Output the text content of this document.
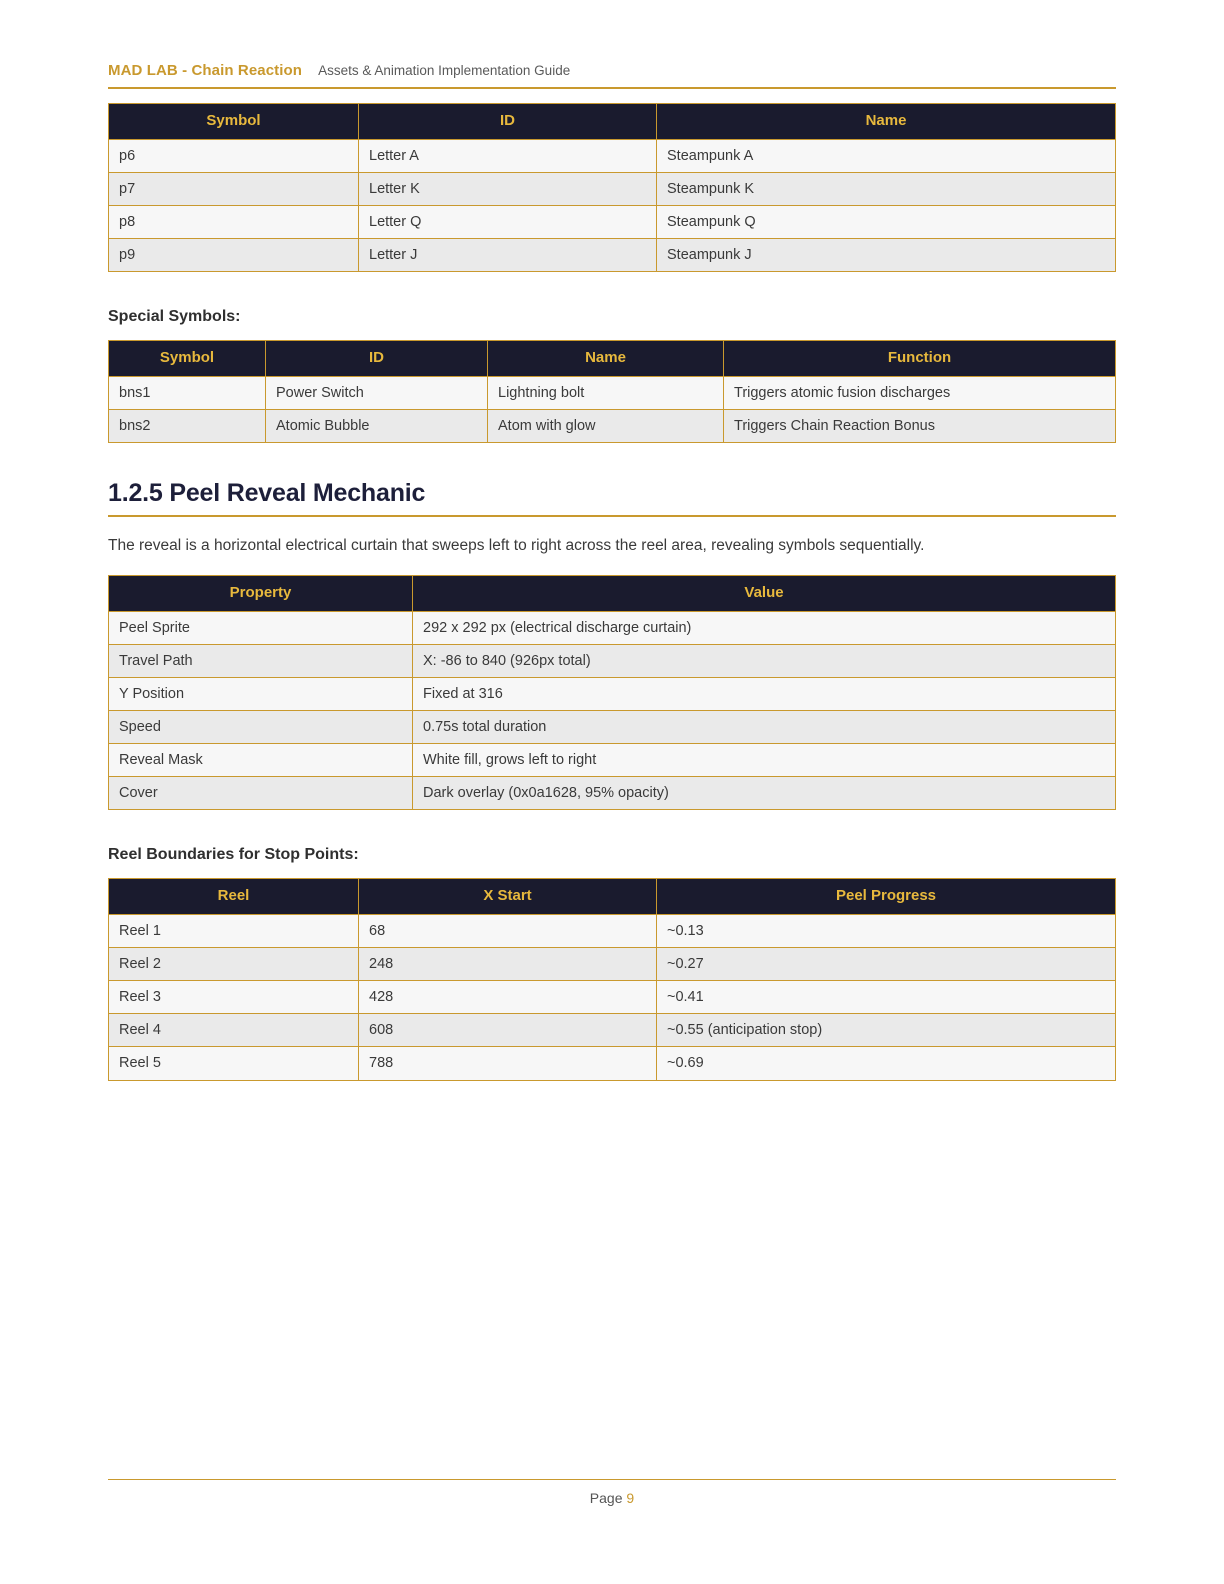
MAD LAB - Chain Reaction Assets & Animation Implementation Guide
Symbol	ID	Name
p6	Letter A	Steampunk A
p7	Letter K	Steampunk K
p8	Letter Q	Steampunk Q
p9	Letter J	Steampunk J
Special Symbols:
Symbol	ID	Name	Function
bns1	Power Switch	Lightning bolt	Triggers atomic fusion discharges
bns2	Atomic Bubble	Atom with glow	Triggers Chain Reaction Bonus
1.2.5 Peel Reveal Mechanic

The reveal is a horizontal electrical curtain that sweeps left to right across the reel area, revealing symbols sequentially.

Property	Value
Peel Sprite	292 x 292 px (electrical discharge curtain)
Travel Path	X: -86 to 840 (926px total)
Y Position	Fixed at 316
Speed	0.75s total duration
Reveal Mask	White fill, grows left to right
Cover	Dark overlay (0x0a1628, 95% opacity)
Reel Boundaries for Stop Points:
Reel	X Start	Peel Progress
Reel 1	68	~0.13
Reel 2	248	~0.27
Reel 3	428	~0.41
Reel 4	608	~0.55 (anticipation stop)
Reel 5	788	~0.69
Page 9
